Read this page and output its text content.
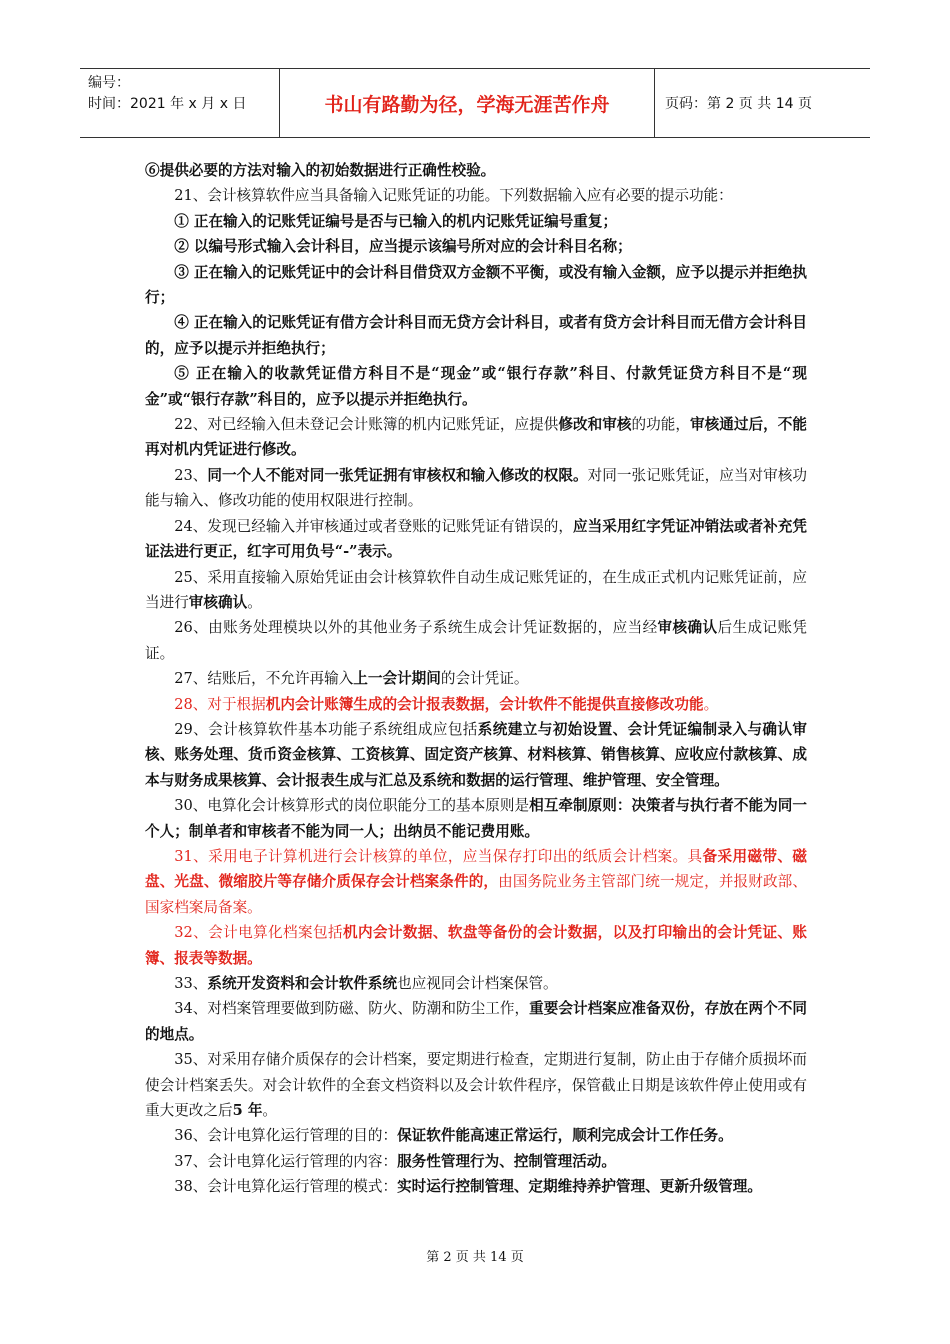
编号：
时间：2021 年 x 月 x 日	书山有路勤为径，学海无涯苦作舟	页码：第 2 页 共 14 页

⑥提供必要的方法对输入的初始数据进行正确性校验。

21、会计核算软件应当具备输入记账凭证的功能。下列数据输入应有必要的提示功能：

① 正在输入的记账凭证编号是否与已输入的机内记账凭证编号重复；

② 以编号形式输入会计科目，应当提示该编号所对应的会计科目名称；

③ 正在输入的记账凭证中的会计科目借贷双方金额不平衡，或没有输入金额，应予以提示并拒绝执行；

④ 正在输入的记账凭证有借方会计科目而无贷方会计科目，或者有贷方会计科目而无借方会计科目的，应予以提示并拒绝执行；

⑤ 正在输入的收款凭证借方科目不是“现金”或“银行存款”科目、付款凭证贷方科目不是“现金”或“银行存款”科目的，应予以提示并拒绝执行。

22、对已经输入但未登记会计账簿的机内记账凭证，应提供修改和审核的功能，审核通过后，不能再对机内凭证进行修改。

23、同一个人不能对同一张凭证拥有审核权和输入修改的权限。对同一张记账凭证，应当对审核功能与输入、修改功能的使用权限进行控制。

24、发现已经输入并审核通过或者登账的记账凭证有错误的，应当采用红字凭证冲销法或者补充凭证法进行更正，红字可用负号“-”表示。

25、采用直接输入原始凭证由会计核算软件自动生成记账凭证的，在生成正式机内记账凭证前，应当进行审核确认。

26、由账务处理模块以外的其他业务子系统生成会计凭证数据的，应当经审核确认后生成记账凭证。

27、结账后，不允许再输入上一会计期间的会计凭证。

28、对于根据机内会计账簿生成的会计报表数据，会计软件不能提供直接修改功能。

29、会计核算软件基本功能子系统组成应包括系统建立与初始设置、会计凭证编制录入与确认审核、账务处理、货币资金核算、工资核算、固定资产核算、材料核算、销售核算、应收应付款核算、成本与财务成果核算、会计报表生成与汇总及系统和数据的运行管理、维护管理、安全管理。

30、电算化会计核算形式的岗位职能分工的基本原则是相互牵制原则：决策者与执行者不能为同一个人；制单者和审核者不能为同一人；出纳员不能记费用账。

31、采用电子计算机进行会计核算的单位，应当保存打印出的纸质会计档案。具备采用磁带、磁盘、光盘、微缩胶片等存储介质保存会计档案条件的，由国务院业务主管部门统一规定，并报财政部、国家档案局备案。

32、会计电算化档案包括机内会计数据、软盘等备份的会计数据，以及打印输出的会计凭证、账簿、报表等数据。

33、系统开发资料和会计软件系统也应视同会计档案保管。

34、对档案管理要做到防磁、防火、防潮和防尘工作，重要会计档案应准备双份，存放在两个不同的地点。

35、对采用存储介质保存的会计档案，要定期进行检查，定期进行复制，防止由于存储介质损坏而使会计档案丢失。对会计软件的全套文档资料以及会计软件程序，保管截止日期是该软件停止使用或有重大更改之后5 年。

36、会计电算化运行管理的目的：保证软件能高速正常运行，顺利完成会计工作任务。

37、会计电算化运行管理的内容：服务性管理行为、控制管理活动。

38、会计电算化运行管理的模式：实时运行控制管理、定期维持养护管理、更新升级管理。

第 2 页 共 14 页
